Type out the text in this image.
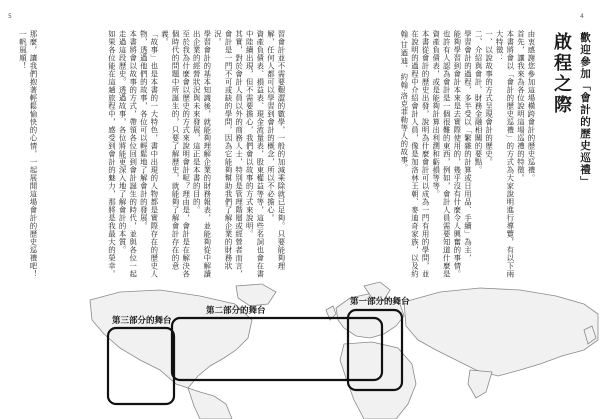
5	4
啟程之際 歡迎參加「會計的歷史巡禮」
由衷感謝您參加這場橫跨會計的歷史巡禮。
首先，讓我來為各位說明這場巡禮的特徵。
本書將會以「會計的歷史巡禮」的方式為大家說明進行導覽，有以下兩大特徵：
一、以說故事的方式呈現會計的歷史。
二、介紹與會計、財務金融相關的要點。
學習會計的過程，多半受以「繁雜的計算或日用品、手續」為主，
能夠學習到會計本來是去實際使用的，幾乎沒有什麼令人興奮的事情。
也許有人認為會計是一個很難的東西，例如，會計人員需要知道什麼是資產負債表，或是能夠計算出利潤和虧損等等。
本書從會計的歷史出發，說明為什麼會計可以成為一門有用的學問，並在說明的過程中介紹會計人員，像是加洛林王朝、麥迪奇家族，以及約翰·甘迺迪、約翰·洛克菲勒等人的故事。
習會計並不需要艱澀的數學，一般的加減乘除就已足夠。只要能夠理解，任何人都可以學習到會計的概念，所以不必擔心。
資產負債表、損益表、現金流量表，股東權益等等，這些名詞也會在書中陸續出現，但不需要擔心，我們會以故事的方式來說明。
其實，對於會計人員以外的商務人士，特別是管理階層或經營者而言，會計是一門不可或缺的學問，因為它能夠幫助我們了解企業的財務狀況。
學習會計的基本知識後，就能夠理解企業的財務報表，並能夠從中解讀出企業的經營狀況與未來發展，這正是本書的目的。
至於我為什麼會以歷史的方式來說明會計呢？理由是，會計是在解決各個時代的問題中所誕生的，只要了解歷史，就能夠了解會計存在的意義。
「故事」也是本書的一大特色，書中出現的人物都是實際存在的歷史人物，透過他們的故事，各位可以輕鬆地了解會計的發展。
本書將會以故事的方式，帶領各位回到會計誕生的時代，並與各位一起走過這段歷史。透過故事，各位將能更深入地了解會計的本質。
如果各位能在這趟旅程中，感受到會計的魅力，那將是我最大的榮幸。
那麼，讓我們抱著輕鬆愉快的心情，一起展開這場會計的歷史巡禮吧！
一帆風順！
第一部分的舞台
第二部分的舞台
第三部分的舞台
